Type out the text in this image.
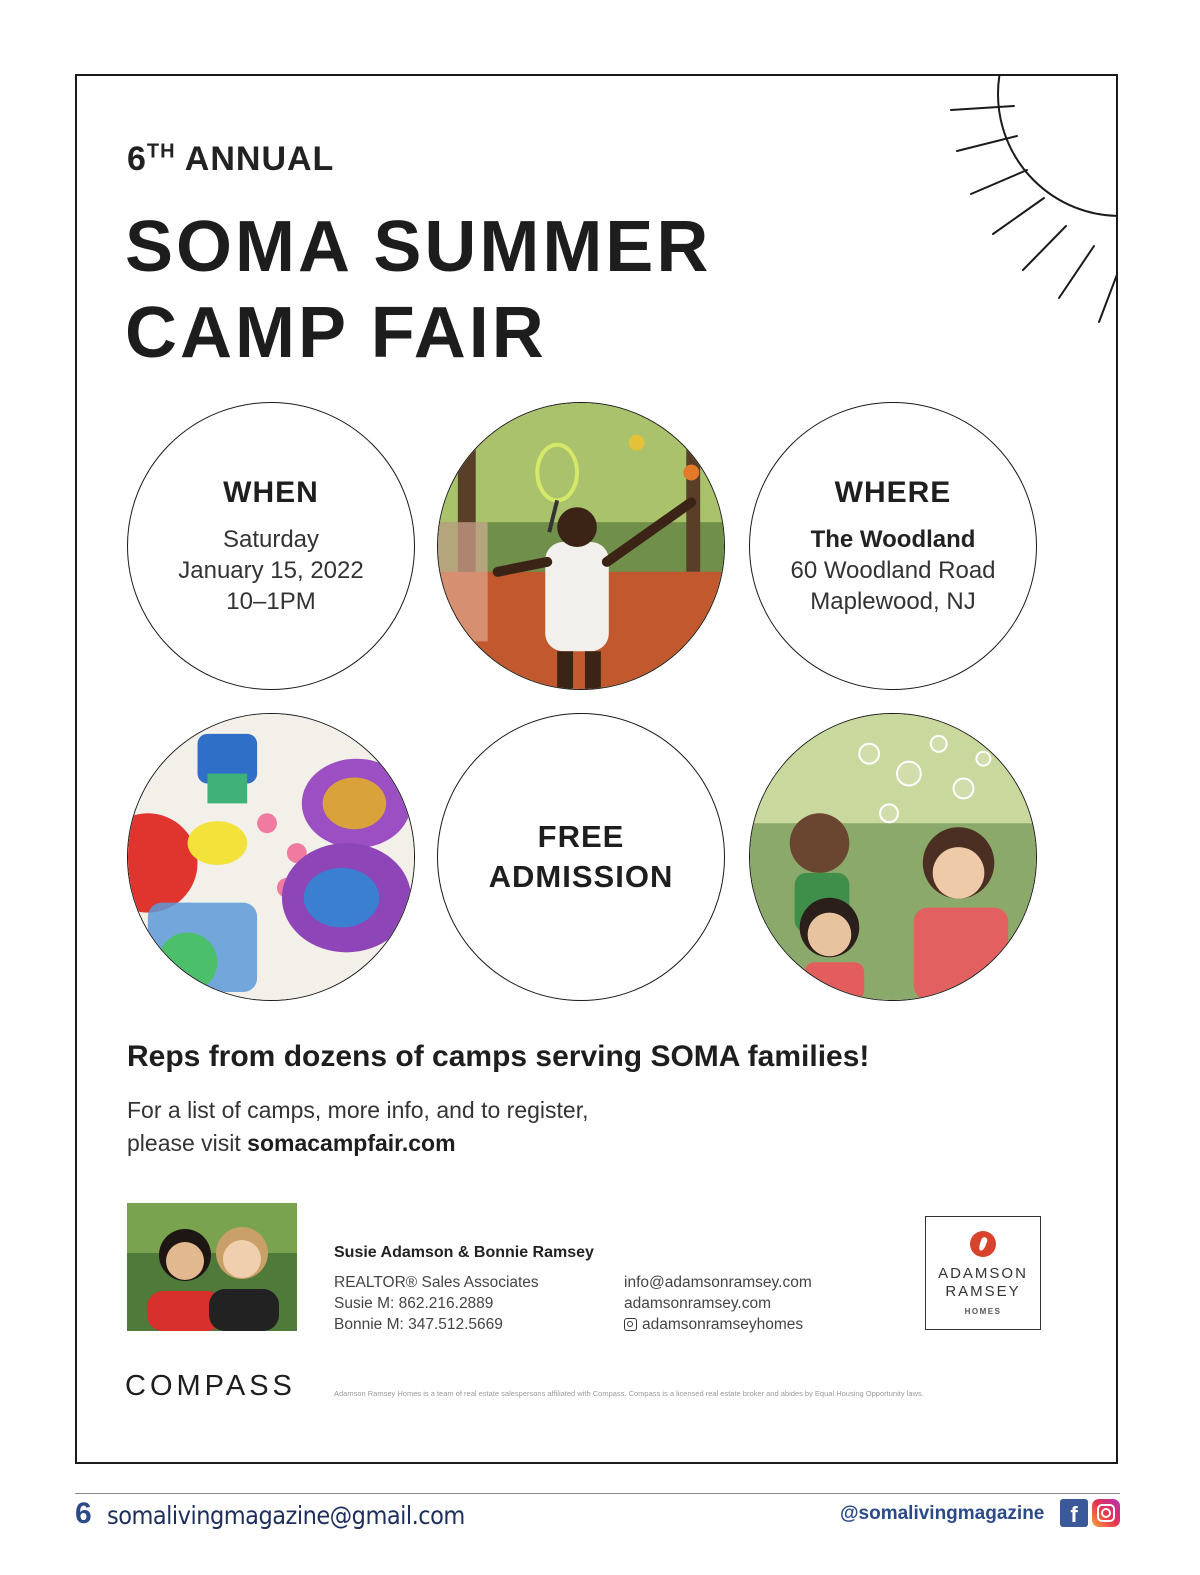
6TH ANNUAL
SOMA SUMMER
CAMP FAIR
WHEN
Saturday
January 15, 2022
10–1PM
WHERE
The Woodland
60 Woodland Road
Maplewood, NJ
FREE
ADMISSION
Reps from dozens of camps serving SOMA families!
For a list of camps, more info, and to register,
please visit somacampfair.com
Susie Adamson & Bonnie Ramsey
REALTOR® Sales Associates
Susie M: 862.216.2889
Bonnie M: 347.512.5669
info@adamsonramsey.com
adamsonramsey.com
adamsonramseyhomes
ADAMSON
RAMSEY
HOMES
COMPASS	Adamson Ramsey Homes is a team of real estate salespersons affiliated with Compass. Compass is a licensed real estate broker and abides by Equal Housing Opportunity laws.
6 somalivingmagazine@gmail.com	@somalivingmagazine	f
